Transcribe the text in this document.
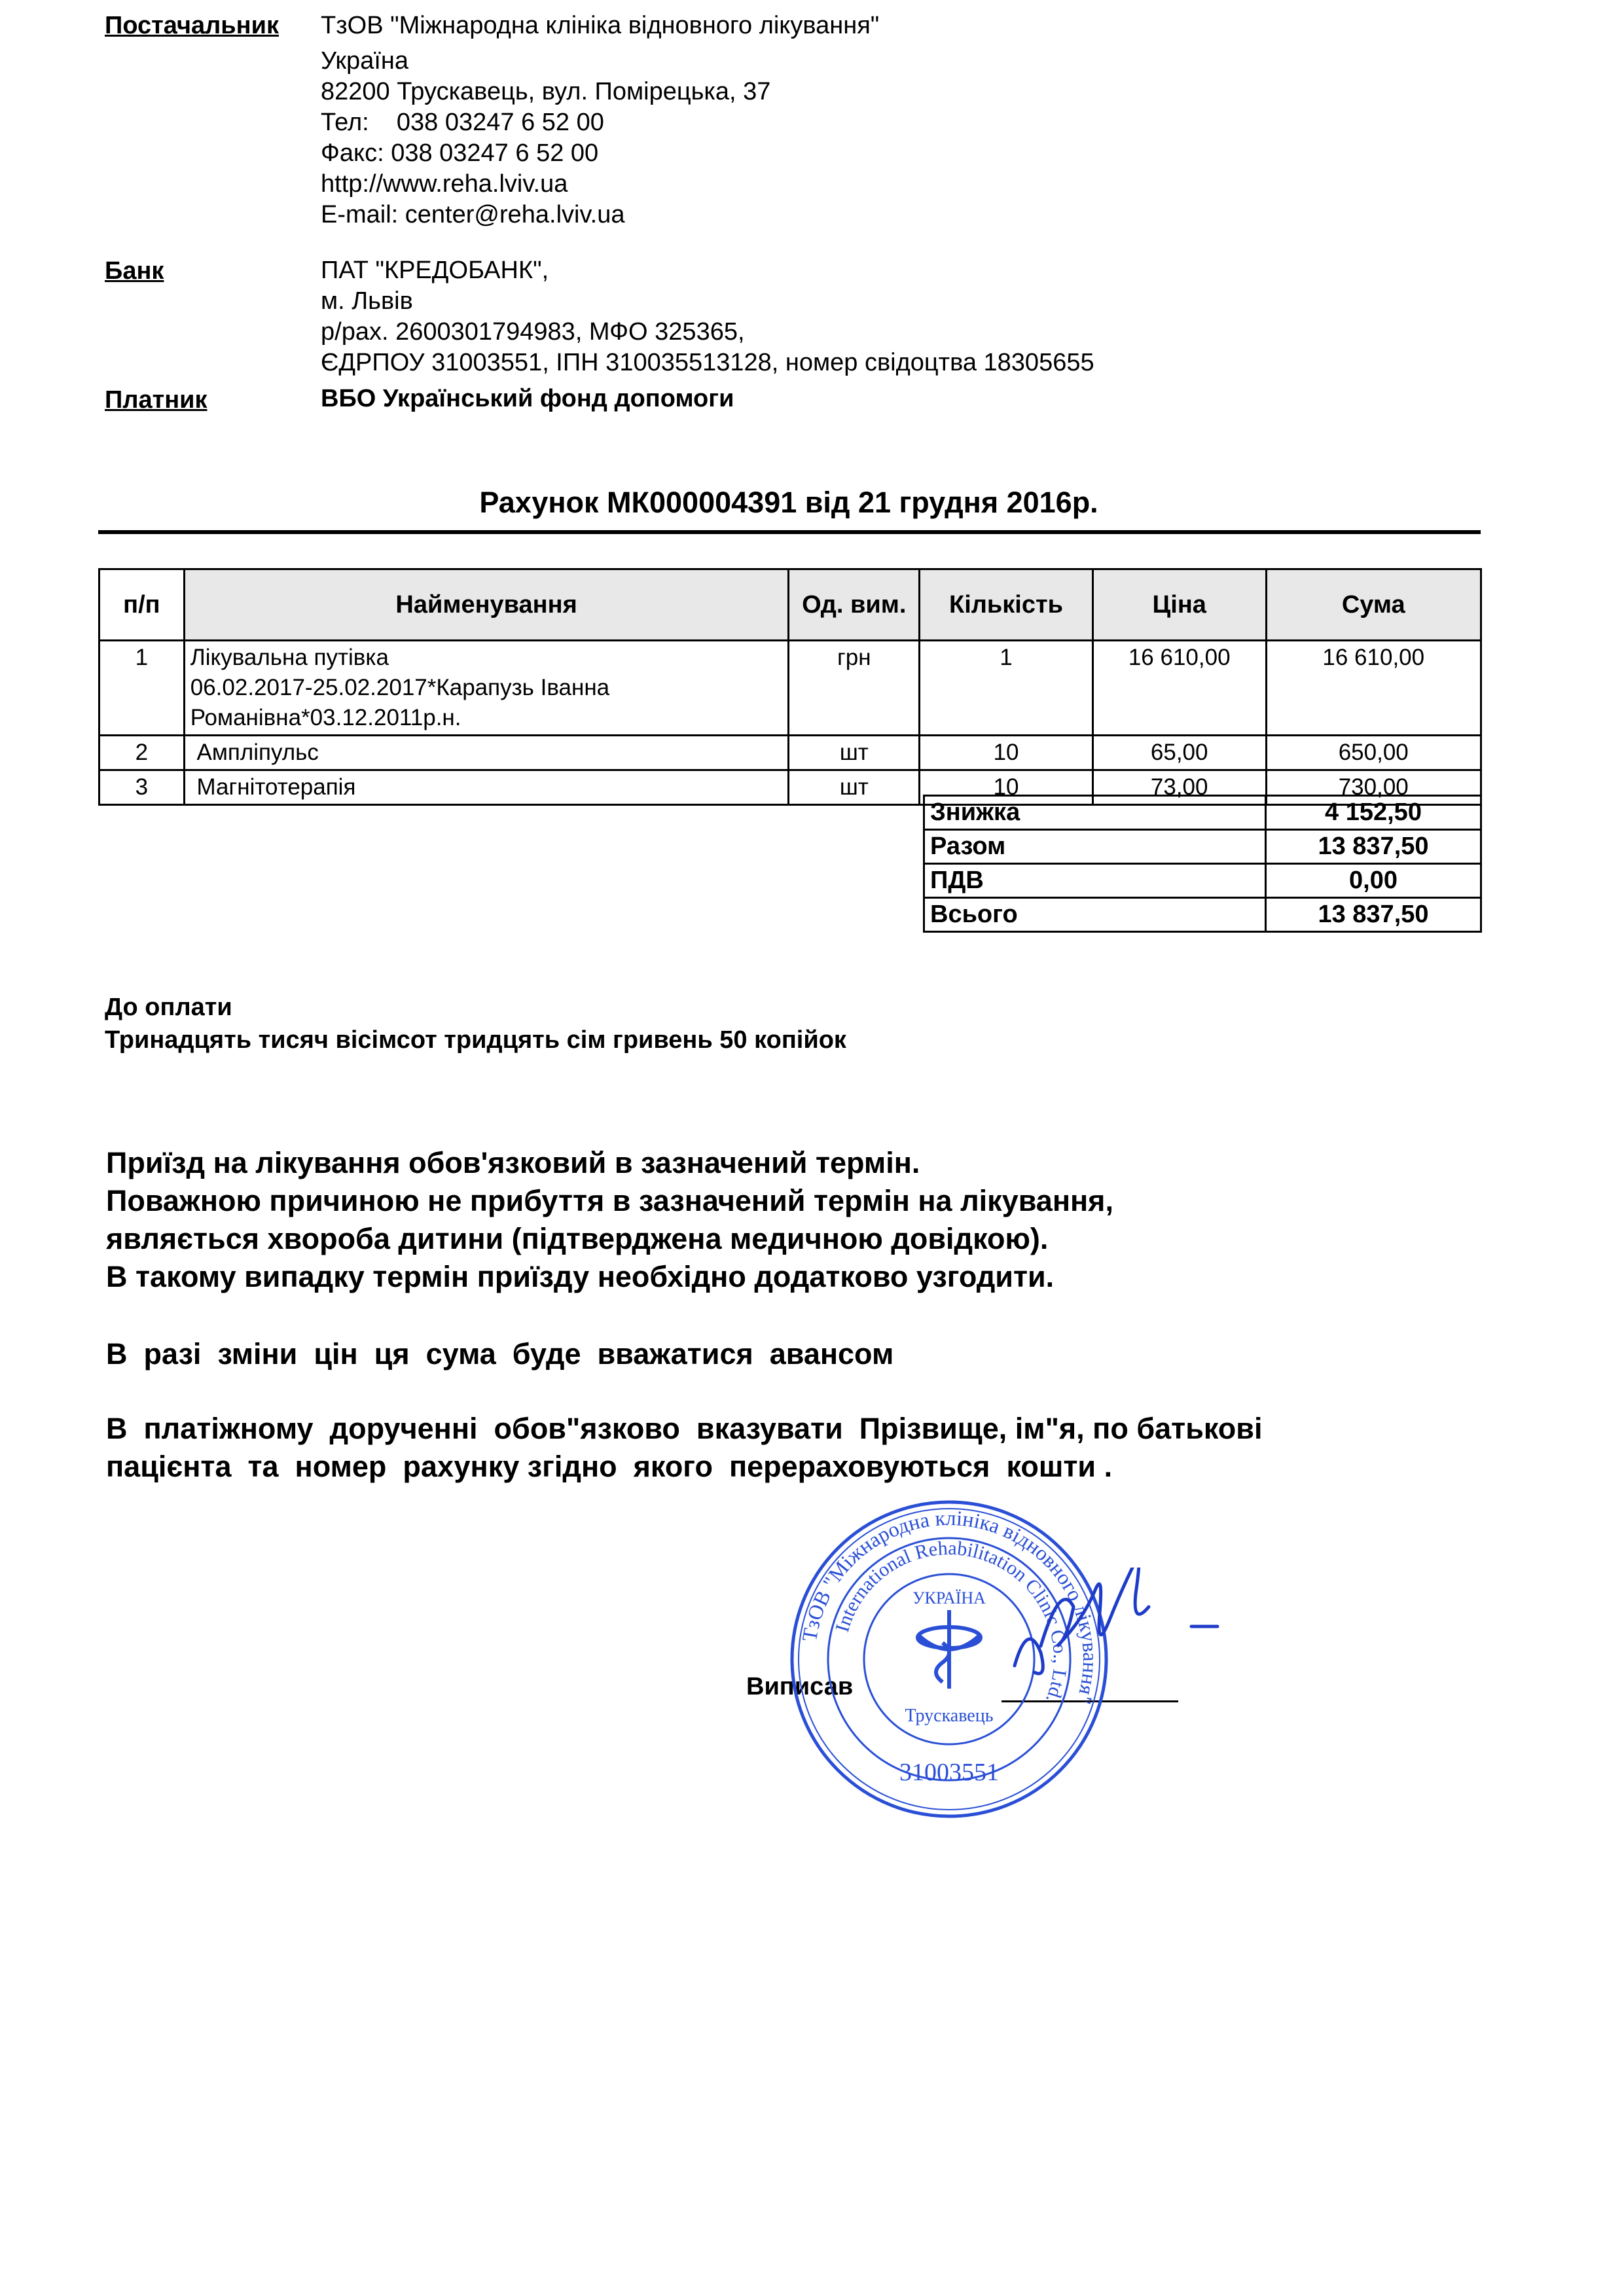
Постачальник ТзОВ "Міжнародна клініка відновного лікування"
Україна
82200 Трускавець, вул. Помірецька, 37
Тел:    038 03247 6 52 00
Факс: 038 03247 6 52 00
http://www.reha.lviv.ua
E-mail: center@reha.lviv.ua
Банк	ПАТ "КРЕДОБАНК",
м. Львів
р/рах. 2600301794983, МФО 325365,
ЄДРПОУ 31003551, ІПН 310035513128, номер свідоцтва 18305655
Платник	ВБО Український фонд допомоги
Рахунок МК000004391 від 21 грудня 2016р.
п/п	Найменування	Од. вим.	Кількість	Ціна	Сума
1	Лікувальна путівка
06.02.2017-25.02.2017*Карапузь Іванна
Романівна*03.12.2011р.н.	грн	1	16 610,00	16 610,00
2	Ампліпульс	шт	10	65,00	650,00
3	Магнітотерапія	шт	10	73,00	730,00
Знижка	4 152,50
Разом	13 837,50
ПДВ	0,00
Всього	13 837,50
До оплати
Тринадцять тисяч вісімсот тридцять сім гривень 50 копійок
Приїзд на лікування обов'язковий в зазначений термін.
Поважною причиною не прибуття в зазначений термін на лікування,
являється хвороба дитини (підтверджена медичною довідкою).
В такому випадку термін приїзду необхідно додатково узгодити.
В  разі  зміни  цін  ця  сума  буде  вважатися  авансом
В  платіжному  дорученні  обов"язково  вказувати  Прізвище, ім"я, по батькові
пацієнта  та  номер  рахунку згідно  якого  перераховуються  кошти .
Виписав
ТзОВ "Міжнародна клініка відновного лікування"
International Rehabilitation Clinic Co., Ltd.
УКРАЇНА
Трускавець
31003551
